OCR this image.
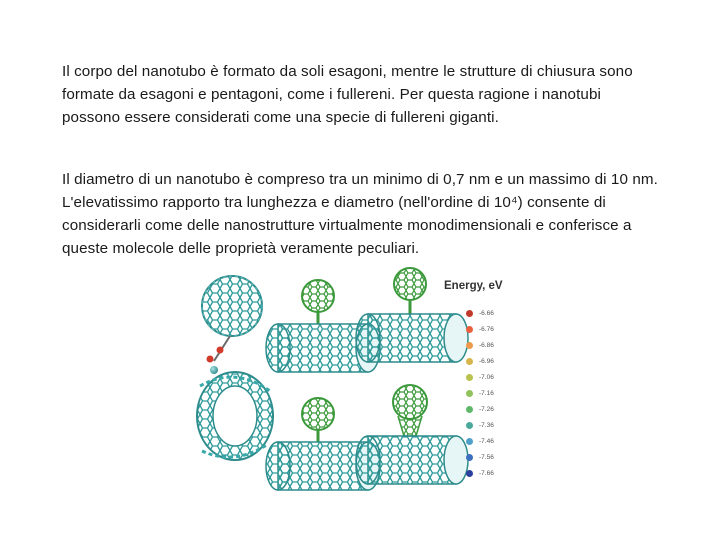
Il corpo del nanotubo è formato da soli esagoni, mentre le strutture di chiusura sono formate da esagoni e pentagoni, come i fullereni. Per questa ragione i nanotubi possono essere considerati come una specie di fullereni giganti.

Il diametro di un nanotubo è compreso tra un minimo di 0,7 nm e un massimo di 10 nm. L'elevatissimo rapporto tra lunghezza e diametro (nell'ordine di 10⁴) consente di considerarli come delle nanostrutture virtualmente monodimensionali e conferisce a queste molecole delle proprietà veramente peculiari.

Energy, eV
-6.66
-6.76
-6.86
-6.96
-7.06
-7.16
-7.26
-7.36
-7.46
-7.56
-7.66
